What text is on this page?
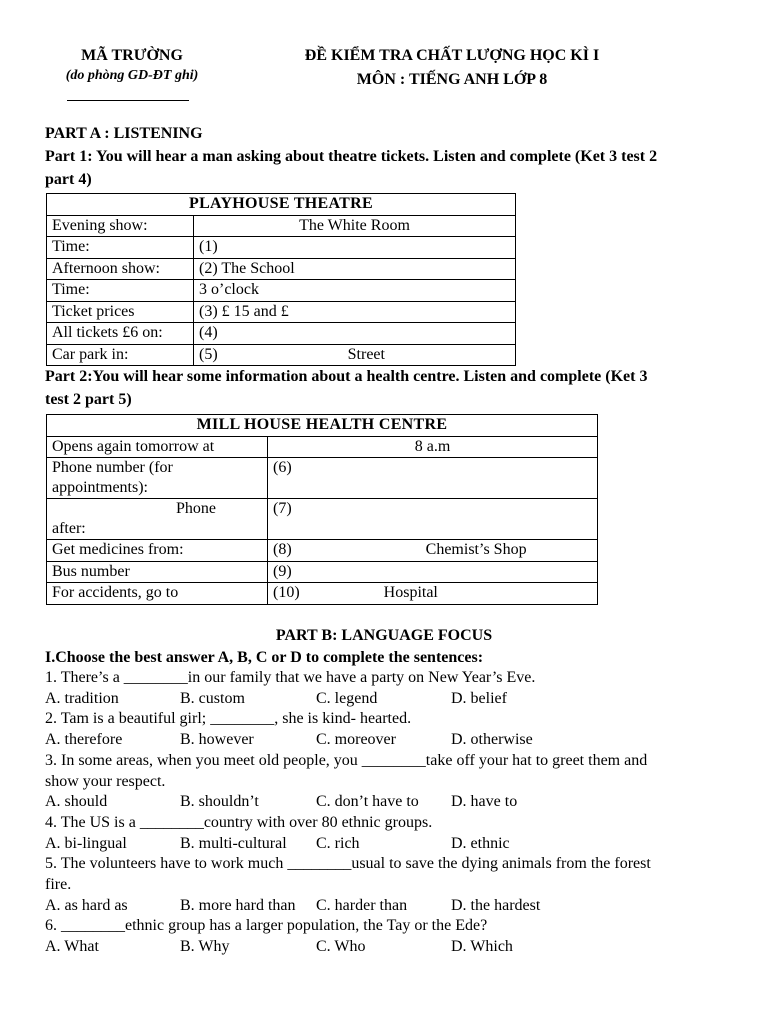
MÃ TRƯỜNG
(do phòng GD-ĐT ghi)
ĐỀ KIỂM TRA CHẤT LƯỢNG HỌC KÌ I
MÔN : TIẾNG ANH LỚP 8
PART A : LISTENING
Part 1: You will hear a man asking about theatre tickets. Listen and complete (Ket 3 test 2
part 4)
PLAYHOUSE THEATRE	
Evening show:	The White Room
Time:	(1)
Afternoon show:	(2) The School
Time:	3 o’clock
Ticket prices	(3) £ 15 and £
All tickets £6 on:	(4)
Car park in:	(5) Street
Part 2:You will hear some information about a health centre. Listen and complete (Ket 3
test 2 part 5)
MILL HOUSE HEALTH CENTRE	
Opens again tomorrow at	8 a.m

Phone number (for
appointments):	(6)

Phone
after:	(7)
Get medicines from:	(8) Chemist’s Shop
Bus number	(9)
For accidents, go to	(10) Hospital
PART B: LANGUAGE FOCUS
I.Choose the best answer A, B, C or D to complete the sentences:
1. There’s a ________in our family that we have a party on New Year’s Eve.
A. tradition	B. custom	C. legend	D. belief
2. Tam is a beautiful girl; ________, she is kind- hearted.
A. therefore	B. however	C. moreover	D. otherwise
3. In some areas, when you meet old people, you ________take off your hat to greet them and
show your respect.
A. should	B. shouldn’t	C. don’t have to D. have to
4. The US is a ________country with over 80 ethnic groups.
A. bi-lingual	B. multi-cultural C. rich	D. ethnic
5. The volunteers have to work much ________usual to save the dying animals from the forest
fire.
A. as hard as	B. more hard than C. harder than	D. the hardest
6. ________ethnic group has a larger population, the Tay or the Ede?
A. What	B. Why	C. Who	D. Which
